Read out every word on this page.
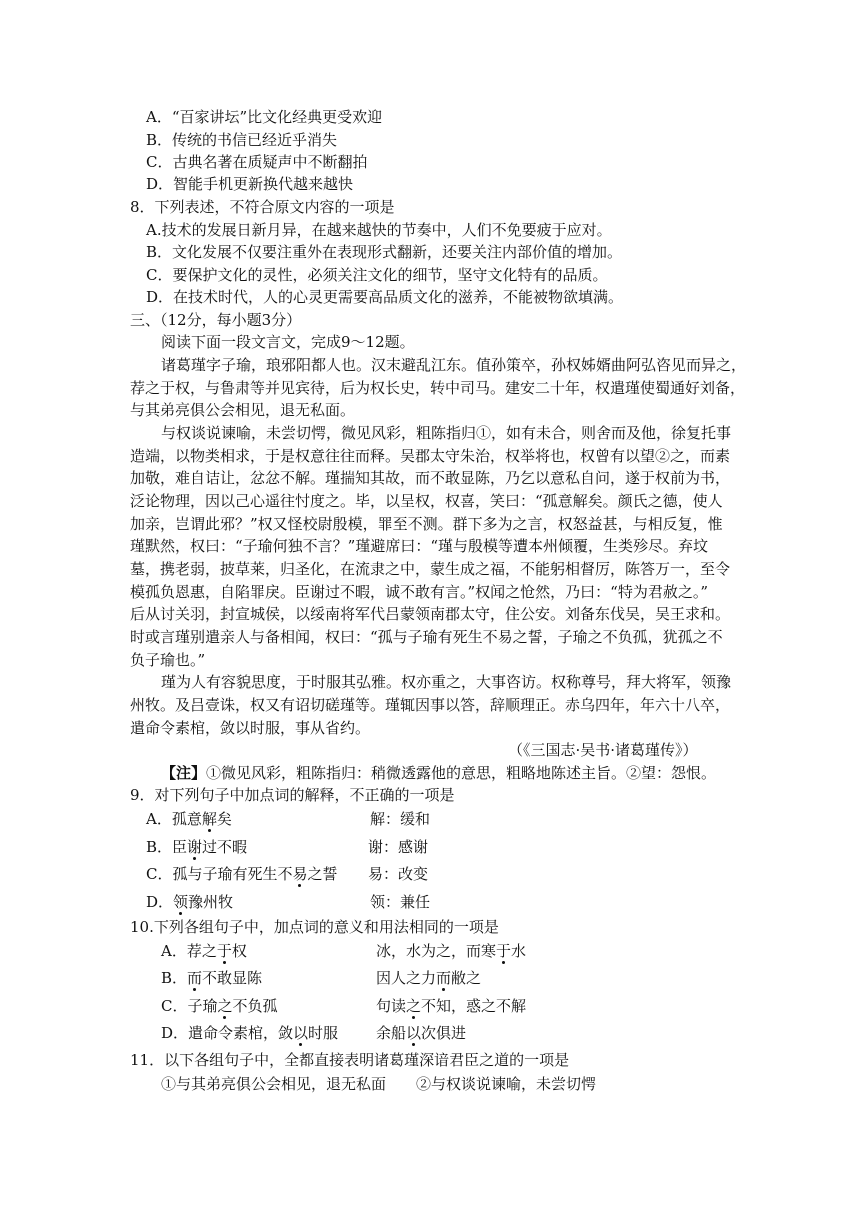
A．“百家讲坛”比文化经典更受欢迎
B．传统的书信已经近乎消失
C．古典名著在质疑声中不断翻拍
D．智能手机更新换代越来越快
8．下列表述，不符合原文内容的一项是
A.技术的发展日新月异，在越来越快的节奏中，人们不免要疲于应对。
B．文化发展不仅要注重外在表现形式翻新，还要关注内部价值的增加。
C．要保护文化的灵性，必须关注文化的细节，坚守文化特有的品质。
D．在技术时代，人的心灵更需要高品质文化的滋养，不能被物欲填满。
三、（12分，每小题3分）
阅读下面一段文言文，完成9～12题。
诸葛瑾字子瑜，琅邪阳都人也。汉末避乱江东。值孙策卒，孙权姊婿曲阿弘咨见而异之，
荐之于权，与鲁肃等并见宾待，后为权长史，转中司马。建安二十年，权遣瑾使蜀通好刘备，
与其弟亮俱公会相见，退无私面。
与权谈说谏喻，未尝切愕，微见风彩，粗陈指归①，如有未合，则舍而及他，徐复托事
造端，以物类相求，于是权意往往而释。吴郡太守朱治，权举将也，权曾有以望②之，而素
加敬，难自诘让，忿忿不解。瑾揣知其故，而不敢显陈，乃乞以意私自问，遂于权前为书，
泛论物理，因以己心遥往忖度之。毕，以呈权，权喜，笑曰：“孤意解矣。颜氏之德，使人
加亲，岂谓此邪？”权又怪校尉殷模，罪至不测。群下多为之言，权怒益甚，与相反复，惟
瑾默然，权曰：“子瑜何独不言？”瑾避席曰：“瑾与殷模等遭本州倾覆，生类殄尽。弃坟
墓，携老弱，披草莱，归圣化，在流隶之中，蒙生成之福，不能躬相督厉，陈答万一，至令
模孤负恩惠，自陷罪戾。臣谢过不暇，诚不敢有言。”权闻之怆然，乃曰：“特为君赦之。”
后从讨关羽，封宣城侯，以绥南将军代吕蒙领南郡太守，住公安。刘备东伐吴，吴王求和。
时或言瑾别遣亲人与备相闻，权曰：“孤与子瑜有死生不易之誓，子瑜之不负孤，犹孤之不
负子瑜也。”
瑾为人有容貌思度，于时服其弘雅。权亦重之，大事咨访。权称尊号，拜大将军，领豫
州牧。及吕壹诛，权又有诏切磋瑾等。瑾辄因事以答，辞顺理正。赤乌四年，年六十八卒，
遣命令素棺，敛以时服，事从省约。
（《三国志·吴书·诸葛瑾传》）
【注】①微见风彩，粗陈指归：稍微透露他的意思，粗略地陈述主旨。②望：怨恨。
9．对下列句子中加点词的解释，不正确的一项是
A．孤意解矣	解：缓和
B．臣谢过不暇	谢：感谢
C．孤与子瑜有死生不易之誓 易：改变
D．领豫州牧	领：兼任
10.下列各组句子中，加点词的意义和用法相同的一项是
A．荐之于权	冰，水为之，而寒于水
B．而不敢显陈	因人之力而敝之
C．子瑜之不负孤	句读之不知，惑之不解
D．遣命令素棺，敛以时服	余船以次俱进
11．以下各组句子中，全都直接表明诸葛瑾深谙君臣之道的一项是
①与其弟亮俱公会相见，退无私面 ②与权谈说谏喻，未尝切愕
